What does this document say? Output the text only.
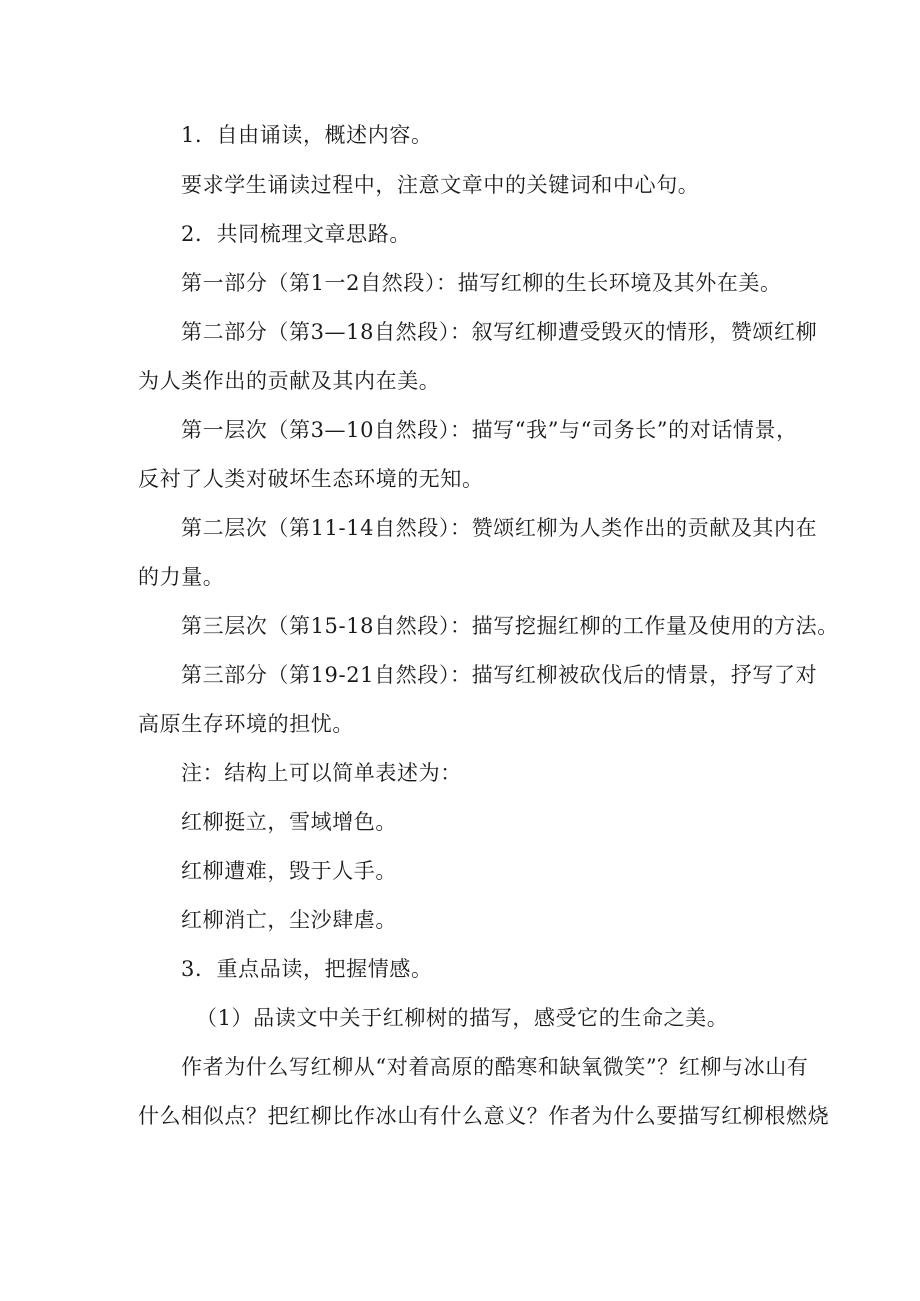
1．自由诵读，概述内容。
要求学生诵读过程中，注意文章中的关键词和中心句。
2．共同梳理文章思路。
第一部分（第1一2自然段）：描写红柳的生长环境及其外在美。
第二部分（第3—18自然段）：叙写红柳遭受毁灭的情形，赞颂红柳
为人类作出的贡献及其内在美。
第一层次（第3—10自然段）：描写“我”与“司务长”的对话情景，
反衬了人类对破坏生态环境的无知。
第二层次（第11-14自然段）：赞颂红柳为人类作出的贡献及其内在
的力量。
第三层次（第15-18自然段）：描写挖掘红柳的工作量及使用的方法。
第三部分（第19-21自然段）：描写红柳被砍伐后的情景，抒写了对
高原生存环境的担忧。
注：结构上可以简单表述为：
红柳挺立，雪域增色。
红柳遭难，毁于人手。
红柳消亡，尘沙肆虐。
3．重点品读，把握情感。
（1）品读文中关于红柳树的描写，感受它的生命之美。
作者为什么写红柳从“对着高原的酷寒和缺氧微笑”？红柳与冰山有
什么相似点？把红柳比作冰山有什么意义？作者为什么要描写红柳根燃烧
